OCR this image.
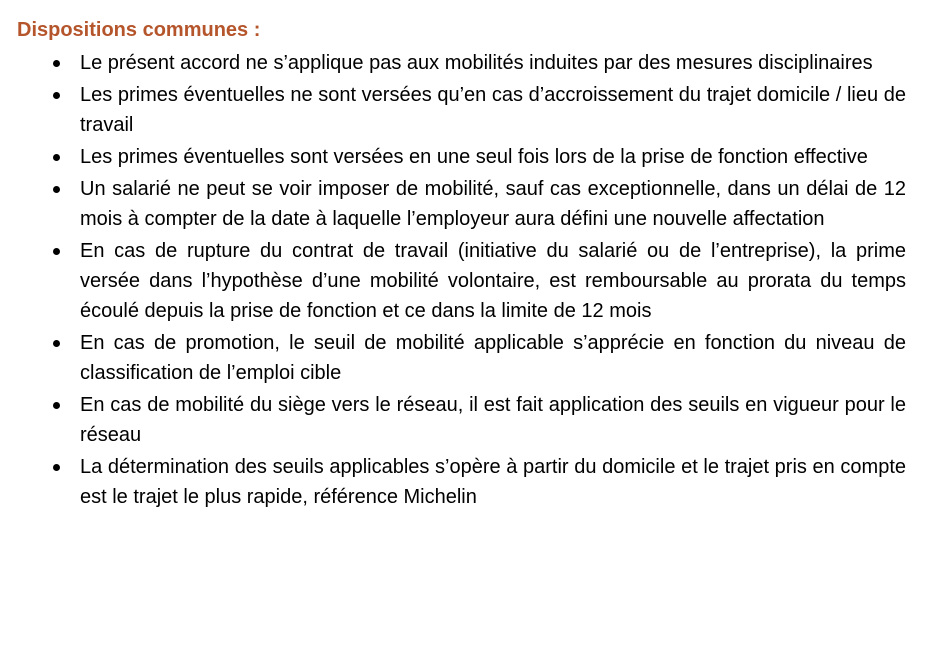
Dispositions communes :
Le présent accord ne s’applique pas aux mobilités induites par des mesures disciplinaires
Les primes éventuelles ne sont versées qu’en cas d’accroissement du trajet domicile / lieu de travail
Les primes éventuelles sont versées en une seul fois lors de la prise de fonction effective
Un salarié ne peut se voir imposer de mobilité, sauf cas exceptionnelle, dans un délai de 12 mois à compter de la date à laquelle l’employeur aura défini une nouvelle affectation
En cas de rupture du contrat de travail (initiative du salarié ou de l’entreprise), la prime versée dans l’hypothèse d’une mobilité volontaire, est remboursable au prorata du temps écoulé depuis la prise de fonction et ce dans la limite de 12 mois
En cas de promotion, le seuil de mobilité applicable s’apprécie en fonction du niveau de classification de l’emploi cible
En cas de mobilité du siège vers le réseau, il est fait application des seuils en vigueur pour le réseau
La détermination des seuils applicables s’opère à partir du domicile et le trajet pris en compte est le trajet le plus rapide, référence Michelin
